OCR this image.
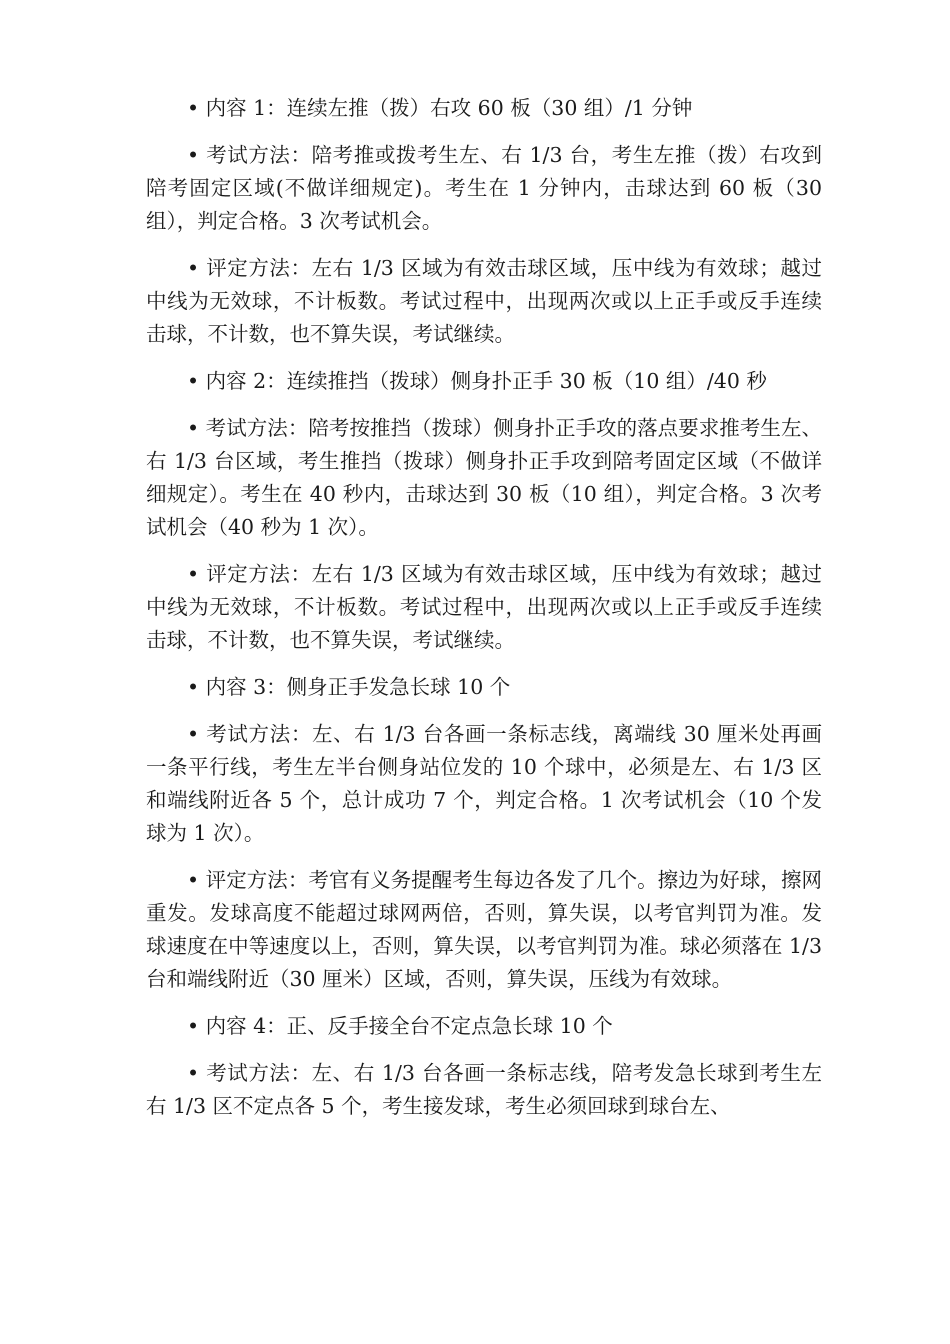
• 内容 1：连续左推（拨）右攻 60 板（30 组）/1 分钟

• 考试方法：陪考推或拨考生左、右 1/3 台，考生左推（拨）右攻到陪考固定区域(不做详细规定)。考生在 1 分钟内，击球达到 60 板（30 组），判定合格。3 次考试机会。

• 评定方法：左右 1/3 区域为有效击球区域，压中线为有效球；越过中线为无效球，不计板数。考试过程中，出现两次或以上正手或反手连续击球，不计数，也不算失误，考试继续。

• 内容 2：连续推挡（拨球）侧身扑正手 30 板（10 组）/40 秒

• 考试方法：陪考按推挡（拨球）侧身扑正手攻的落点要求推考生左、右 1/3 台区域，考生推挡（拨球）侧身扑正手攻到陪考固定区域（不做详细规定）。考生在 40 秒内，击球达到 30 板（10 组），判定合格。3 次考试机会（40 秒为 1 次）。

• 评定方法：左右 1/3 区域为有效击球区域，压中线为有效球；越过中线为无效球，不计板数。考试过程中，出现两次或以上正手或反手连续击球，不计数，也不算失误，考试继续。

• 内容 3：侧身正手发急长球 10 个

• 考试方法：左、右 1/3 台各画一条标志线，离端线 30 厘米处再画一条平行线，考生左半台侧身站位发的 10 个球中，必须是左、右 1/3 区和端线附近各 5 个，总计成功 7 个，判定合格。1 次考试机会（10 个发球为 1 次）。

• 评定方法：考官有义务提醒考生每边各发了几个。擦边为好球，擦网重发。发球高度不能超过球网两倍，否则，算失误，以考官判罚为准。发球速度在中等速度以上，否则，算失误，以考官判罚为准。球必须落在 1/3 台和端线附近（30 厘米）区域，否则，算失误，压线为有效球。

• 内容 4：正、反手接全台不定点急长球 10 个

• 考试方法：左、右 1/3 台各画一条标志线，陪考发急长球到考生左右 1/3 区不定点各 5 个，考生接发球，考生必须回球到球台左、
